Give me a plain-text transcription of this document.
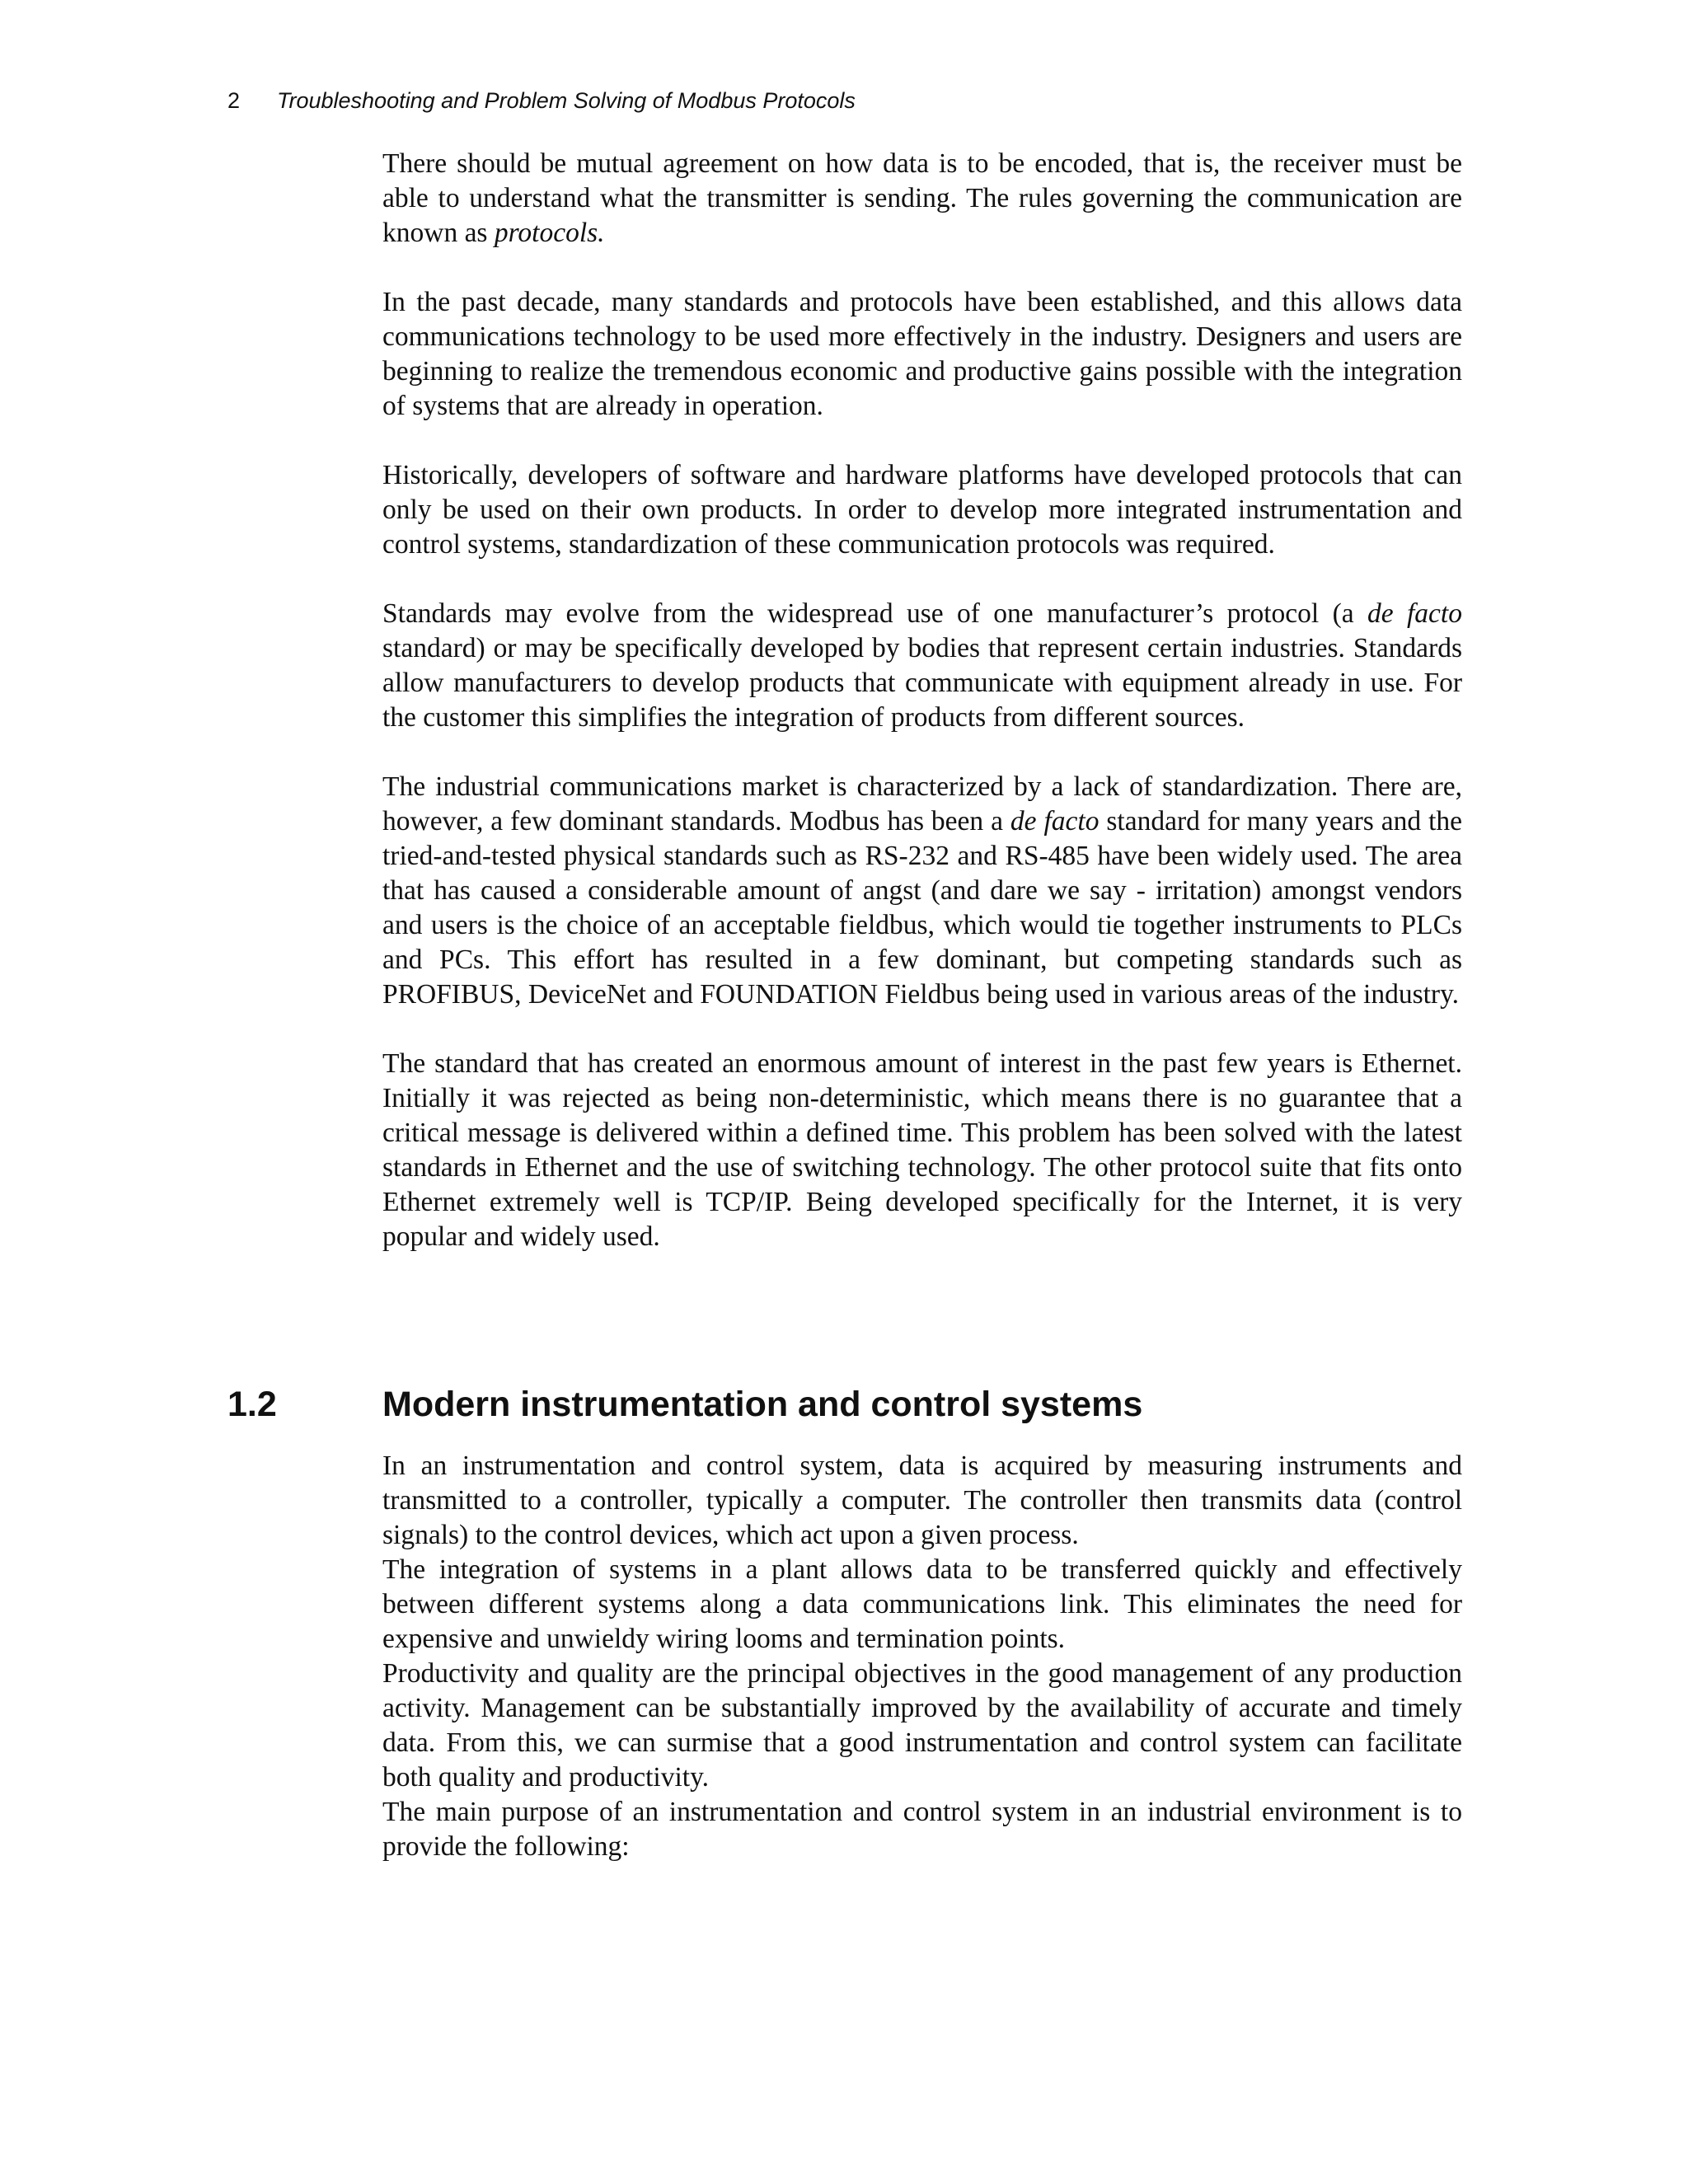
2 Troubleshooting and Problem Solving of Modbus Protocols

There should be mutual agreement on how data is to be encoded, that is, the receiver must be able to understand what the transmitter is sending. The rules governing the communication are known as protocols.

In the past decade, many standards and protocols have been established, and this allows data communications technology to be used more effectively in the industry. Designers and users are beginning to realize the tremendous economic and productive gains possible with the integration of systems that are already in operation.

Historically, developers of software and hardware platforms have developed protocols that can only be used on their own products. In order to develop more integrated instrumentation and control systems, standardization of these communication protocols was required.

Standards may evolve from the widespread use of one manufacturer’s protocol (a de facto standard) or may be specifically developed by bodies that represent certain industries. Standards allow manufacturers to develop products that communicate with equipment already in use. For the customer this simplifies the integration of products from different sources.

The industrial communications market is characterized by a lack of standardization. There are, however, a few dominant standards. Modbus has been a de facto standard for many years and the tried-and-tested physical standards such as RS-232 and RS-485 have been widely used. The area that has caused a considerable amount of angst (and dare we say - irritation) amongst vendors and users is the choice of an acceptable fieldbus, which would tie together instruments to PLCs and PCs. This effort has resulted in a few dominant, but competing standards such as PROFIBUS, DeviceNet and FOUNDATION Fieldbus being used in various areas of the industry.

The standard that has created an enormous amount of interest in the past few years is Ethernet. Initially it was rejected as being non-deterministic, which means there is no guarantee that a critical message is delivered within a defined time. This problem has been solved with the latest standards in Ethernet and the use of switching technology. The other protocol suite that fits onto Ethernet extremely well is TCP/IP. Being developed specifically for the Internet, it is very popular and widely used.

1.2	Modern instrumentation and control systems

In an instrumentation and control system, data is acquired by measuring instruments and transmitted to a controller, typically a computer. The controller then transmits data (control signals) to the control devices, which act upon a given process.

The integration of systems in a plant allows data to be transferred quickly and effectively between different systems along a data communications link. This eliminates the need for expensive and unwieldy wiring looms and termination points.

Productivity and quality are the principal objectives in the good management of any production activity. Management can be substantially improved by the availability of accurate and timely data. From this, we can surmise that a good instrumentation and control system can facilitate both quality and productivity.

The main purpose of an instrumentation and control system in an industrial environment is to provide the following:
